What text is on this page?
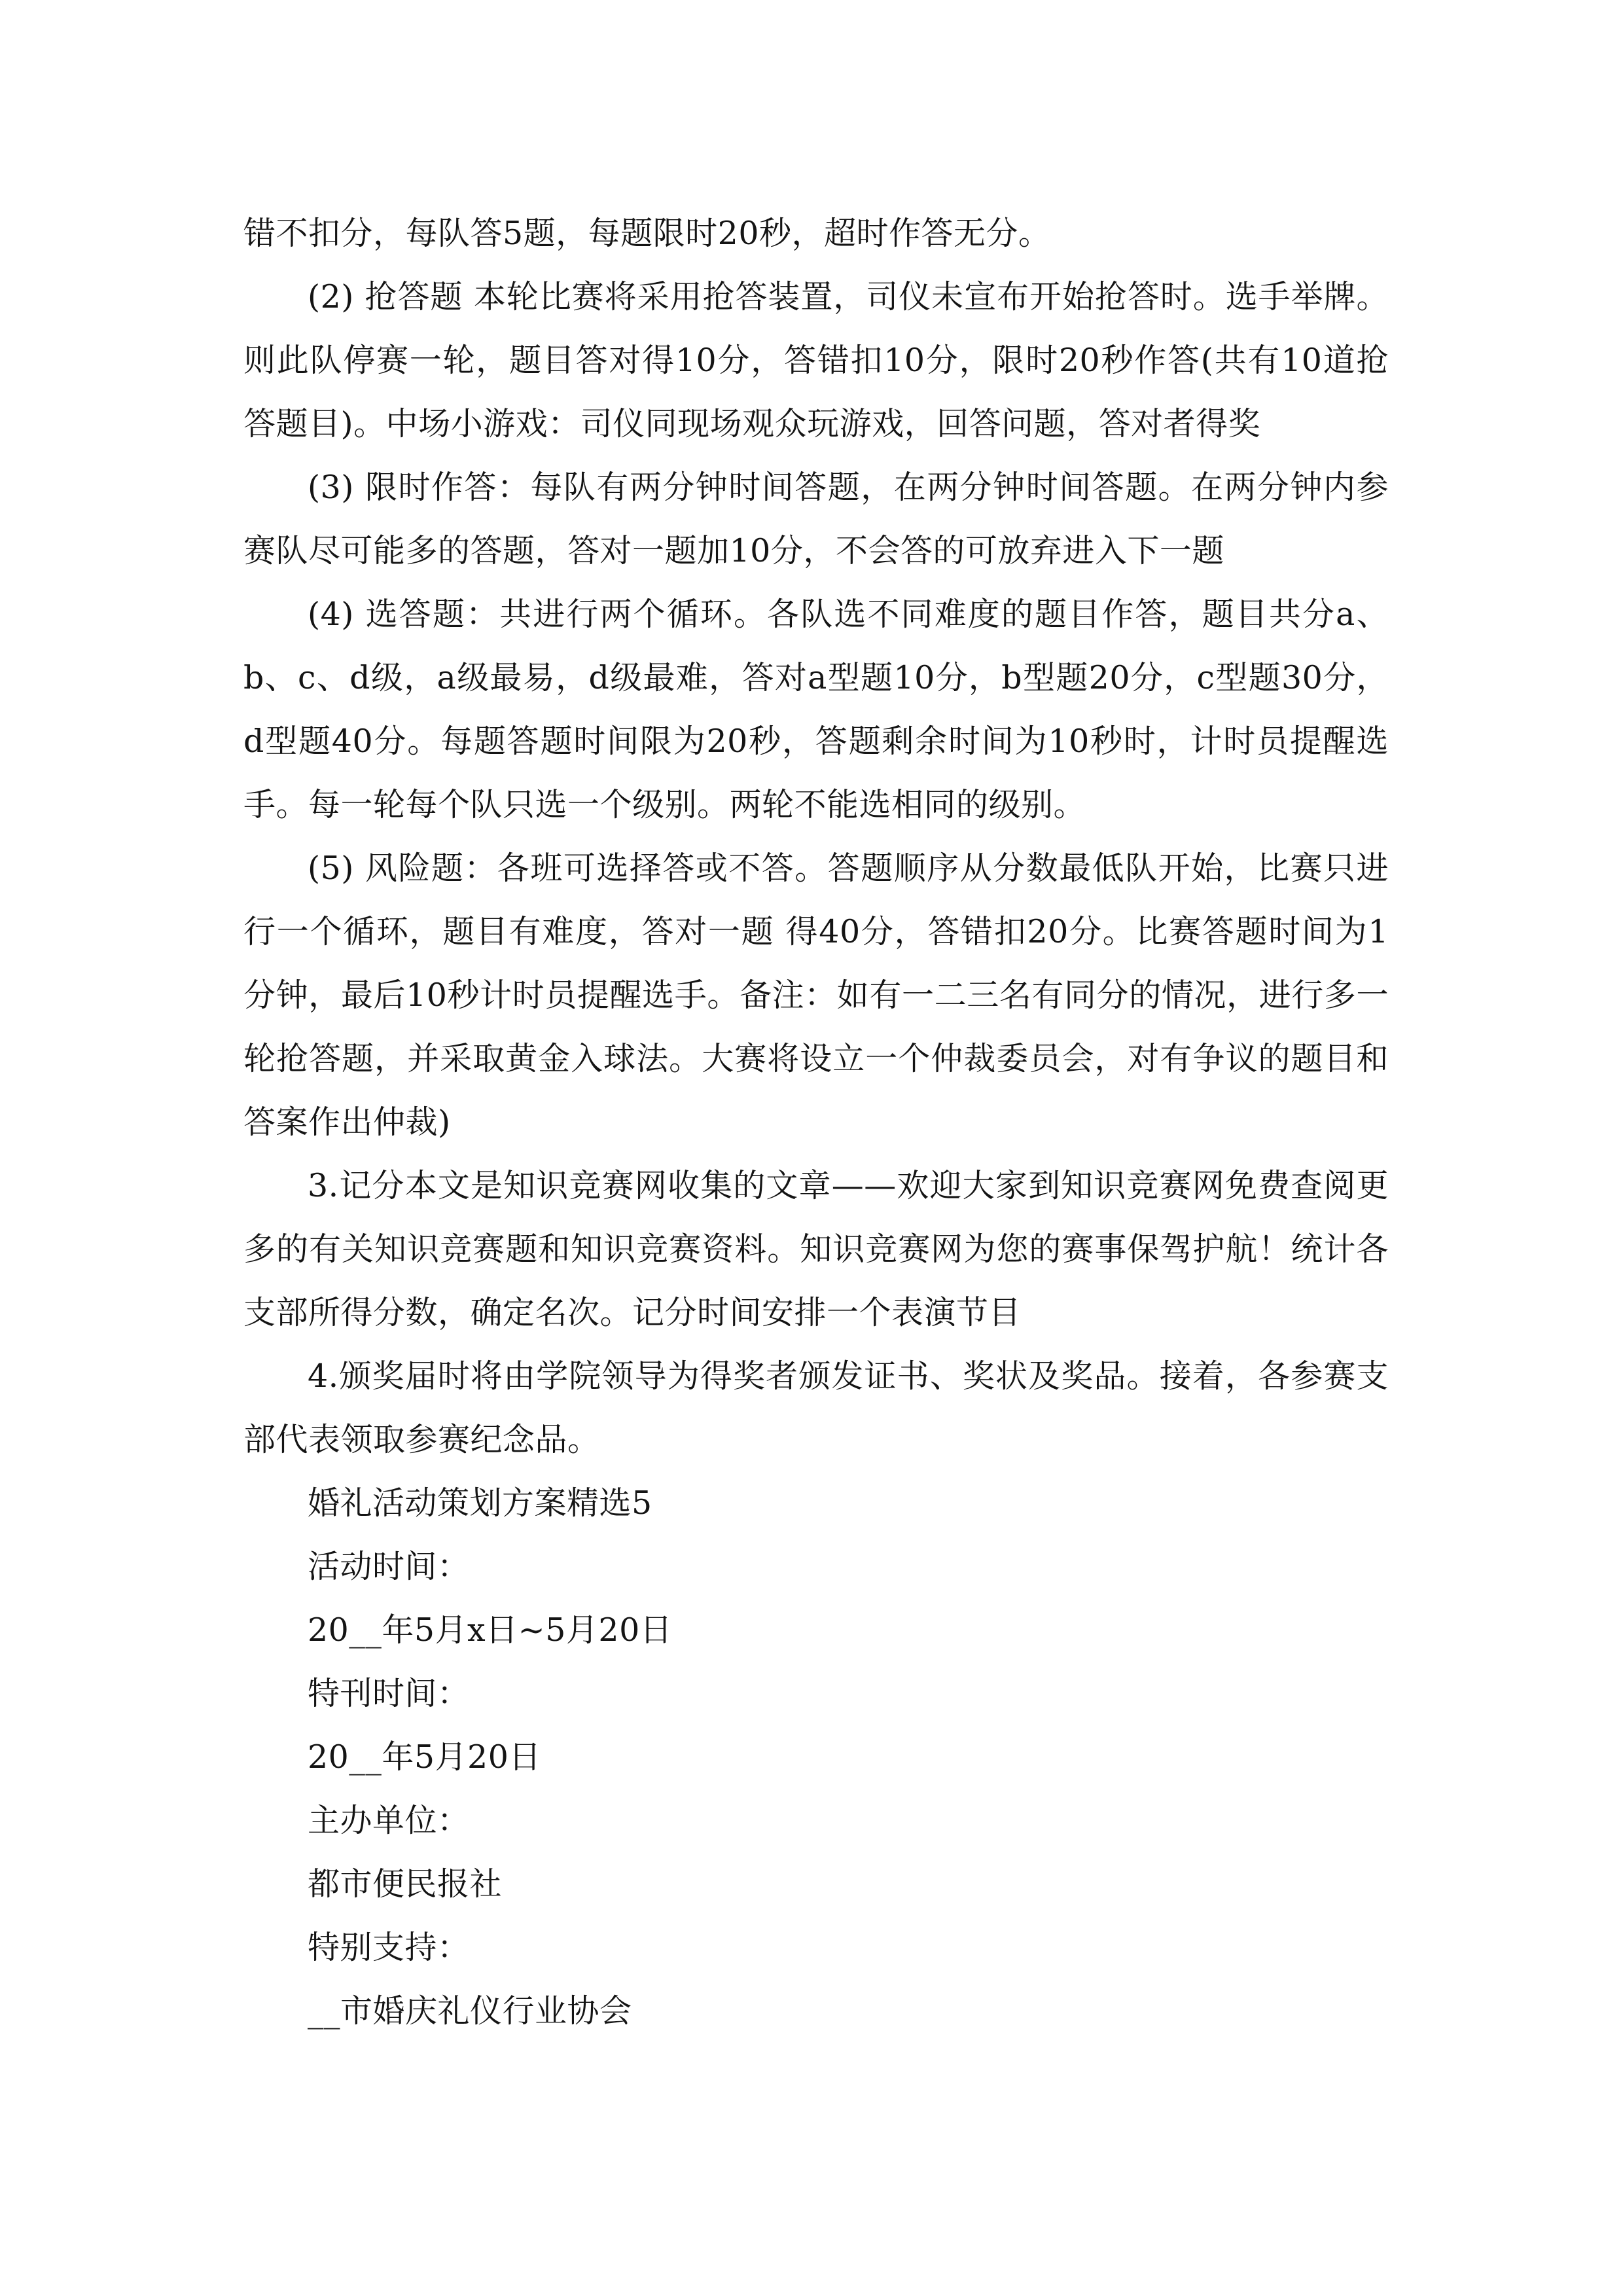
错不扣分，每队答5题，每题限时20秒，超时作答无分。

(2) 抢答题 本轮比赛将采用抢答装置，司仪未宣布开始抢答时。选手举牌。则此队停赛一轮，题目答对得10分，答错扣10分，限时20秒作答(共有10道抢答题目)。中场小游戏：司仪同现场观众玩游戏，回答问题，答对者得奖

(3) 限时作答：每队有两分钟时间答题，在两分钟时间答题。在两分钟内参赛队尽可能多的答题，答对一题加10分，不会答的可放弃进入下一题

(4) 选答题：共进行两个循环。各队选不同难度的题目作答，题目共分a、b、c、d级，a级最易，d级最难，答对a型题10分，b型题20分，c型题30分，d型题40分。每题答题时间限为20秒，答题剩余时间为10秒时，计时员提醒选手。每一轮每个队只选一个级别。两轮不能选相同的级别。

(5) 风险题：各班可选择答或不答。答题顺序从分数最低队开始，比赛只进行一个循环，题目有难度，答对一题 得40分，答错扣20分。比赛答题时间为1分钟，最后10秒计时员提醒选手。备注：如有一二三名有同分的情况，进行多一轮抢答题，并采取黄金入球法。大赛将设立一个仲裁委员会，对有争议的题目和答案作出仲裁)

3.记分本文是知识竞赛网收集的文章——欢迎大家到知识竞赛网免费查阅更多的有关知识竞赛题和知识竞赛资料。知识竞赛网为您的赛事保驾护航！统计各支部所得分数，确定名次。记分时间安排一个表演节目

4.颁奖届时将由学院领导为得奖者颁发证书、奖状及奖品。接着，各参赛支部代表领取参赛纪念品。

婚礼活动策划方案精选5

活动时间：

20__年5月x日~5月20日

特刊时间：

20__年5月20日

主办单位：

都市便民报社

特别支持：

__市婚庆礼仪行业协会
